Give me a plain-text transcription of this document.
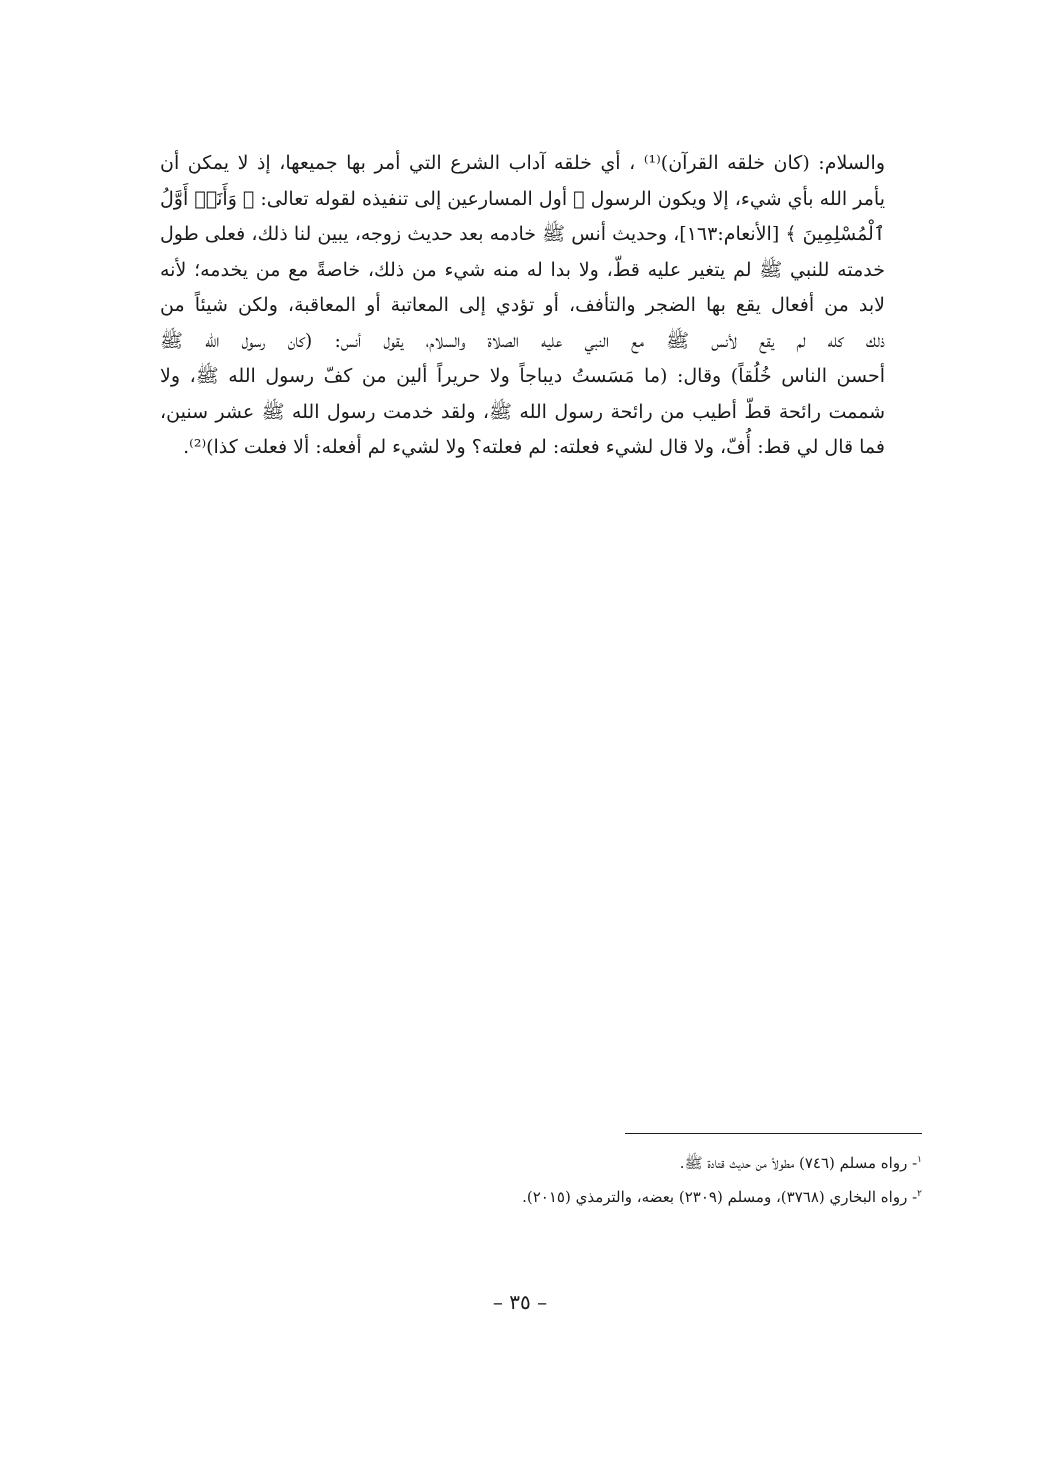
والسلام: (كان خلقه القرآن)⁽¹⁾ ، أي خلقه آداب الشرع التي أمر بها جميعها، إذ لا يمكن أن
يأمر الله بأي شيء، إلا ويكون الرسول ﷺ أول المسارعين إلى تنفيذه لقوله تعالى: ﴿ وَأَنَا۠ أَوَّلُ
ٱلْمُسْلِمِينَ ﴾ [الأنعام:١٦٣]، وحديث أنس ﷺ خادمه بعد حديث زوجه، يبين لنا ذلك، فعلى طول
خدمته للنبي ﷺ لم يتغير عليه قطّ، ولا بدا له منه شيء من ذلك، خاصةً مع من يخدمه؛ لأنه
لابد من أفعال يقع بها الضجر والتأفف، أو تؤدي إلى المعاتبة أو المعاقبة، ولكن شيئاً من
ذلك كله لم يقع لأنس ﷺ مع النبي عليه الصلاة والسلام، يقول أنس: (كان رسول الله ﷺ
أحسن الناس خُلُقاً) وقال: (ما مَسَستُ ديباجاً ولا حريراً ألين من كفّ رسول الله ﷺ، ولا
شممت رائحة قطّ أطيب من رائحة رسول الله ﷺ، ولقد خدمت رسول الله ﷺ عشر سنين،
فما قال لي قط: أُفّ، ولا قال لشيء فعلته: لم فعلته؟ ولا لشيء لم أفعله: ألا فعلت كذا)⁽²⁾.
$^١$- رواه مسلم (٧٤٦) مطولاً من حديث قتادة ﷺ.
$^٢$- رواه البخاري (٣٧٦٨)، ومسلم (٢٣٠٩) بعضه، والترمذي (٢٠١٥).
– ٣٥ –
